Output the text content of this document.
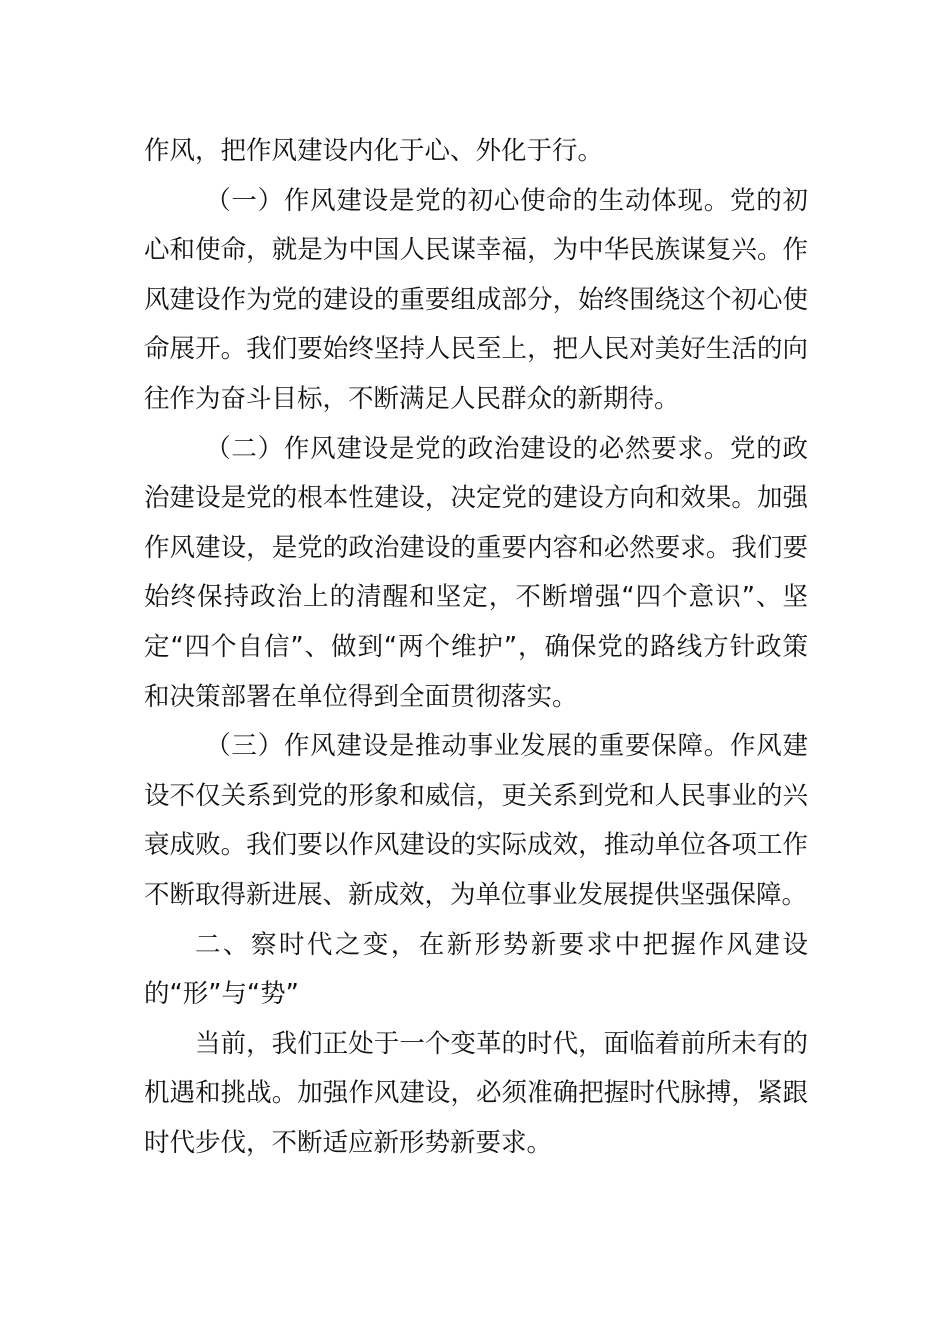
作风，把作风建设内化于心、外化于行。

（一）作风建设是党的初心使命的生动体现。党的初心和使命，就是为中国人民谋幸福，为中华民族谋复兴。作风建设作为党的建设的重要组成部分，始终围绕这个初心使命展开。我们要始终坚持人民至上，把人民对美好生活的向往作为奋斗目标，不断满足人民群众的新期待。

（二）作风建设是党的政治建设的必然要求。党的政治建设是党的根本性建设，决定党的建设方向和效果。加强作风建设，是党的政治建设的重要内容和必然要求。我们要始终保持政治上的清醒和坚定，不断增强“四个意识”、坚定“四个自信”、做到“两个维护”，确保党的路线方针政策和决策部署在单位得到全面贯彻落实。

（三）作风建设是推动事业发展的重要保障。作风建设不仅关系到党的形象和威信，更关系到党和人民事业的兴衰成败。我们要以作风建设的实际成效，推动单位各项工作不断取得新进展、新成效，为单位事业发展提供坚强保障。

二、察时代之变，在新形势新要求中把握作风建设的“形”与“势”

当前，我们正处于一个变革的时代，面临着前所未有的机遇和挑战。加强作风建设，必须准确把握时代脉搏，紧跟时代步伐，不断适应新形势新要求。
